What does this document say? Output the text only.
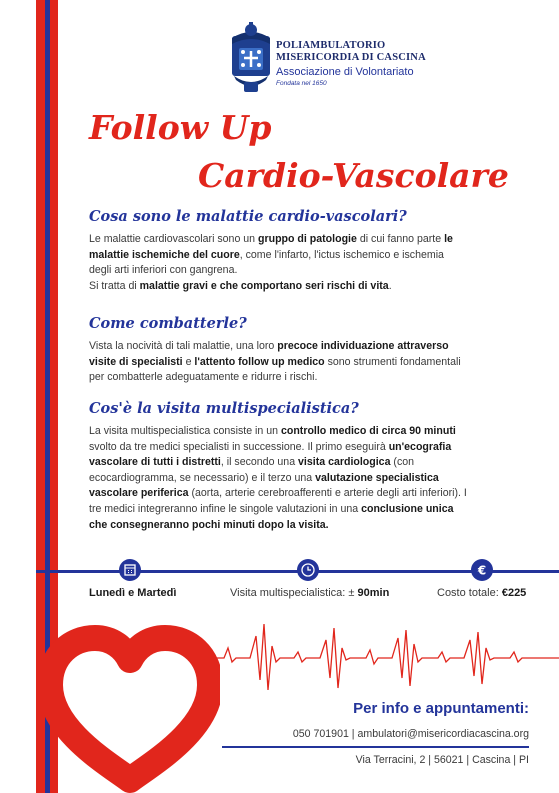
POLIAMBULATORIO
MISERICORDIA DI CASCINA
Associazione di Volontariato
Fondata nel 1650
Follow Up
Cardio-Vascolare
Cosa sono le malattie cardio-vascolari?

Le malattie cardiovascolari sono un gruppo di patologie di cui fanno parte le malattie ischemiche del cuore, come l'infarto, l'ictus ischemico e ischemia degli arti inferiori con gangrena.
Si tratta di malattie gravi e che comportano seri rischi di vita.

Come combatterle?

Vista la nocività di tali malattie, una loro precoce individuazione attraverso visite di specialisti e l'attento follow up medico sono strumenti fondamentali per combatterle adeguatamente e ridurre i rischi.

Cos'è la visita multispecialistica?

La visita multispecialistica consiste in un controllo medico di circa 90 minuti svolto da tre medici specialisti in successione. Il primo eseguirà un'ecografia vascolare di tutti i distretti, il secondo una visita cardiologica (con ecocardiogramma, se necessario) e il terzo una valutazione specialistica vascolare periferica (aorta, arterie cerebroafferenti e arterie degli arti inferiori). I tre medici integreranno infine le singole valutazioni in una conclusione unica che consegneranno pochi minuti dopo la visita.

€
Lunedì e Martedì	Visita multispecialistica: ± 90min	Costo totale: €225
Per info e appuntamenti:
050 701901 | ambulatori@misericordiacascina.org
Via Terracini, 2 | 56021 | Cascina | PI
